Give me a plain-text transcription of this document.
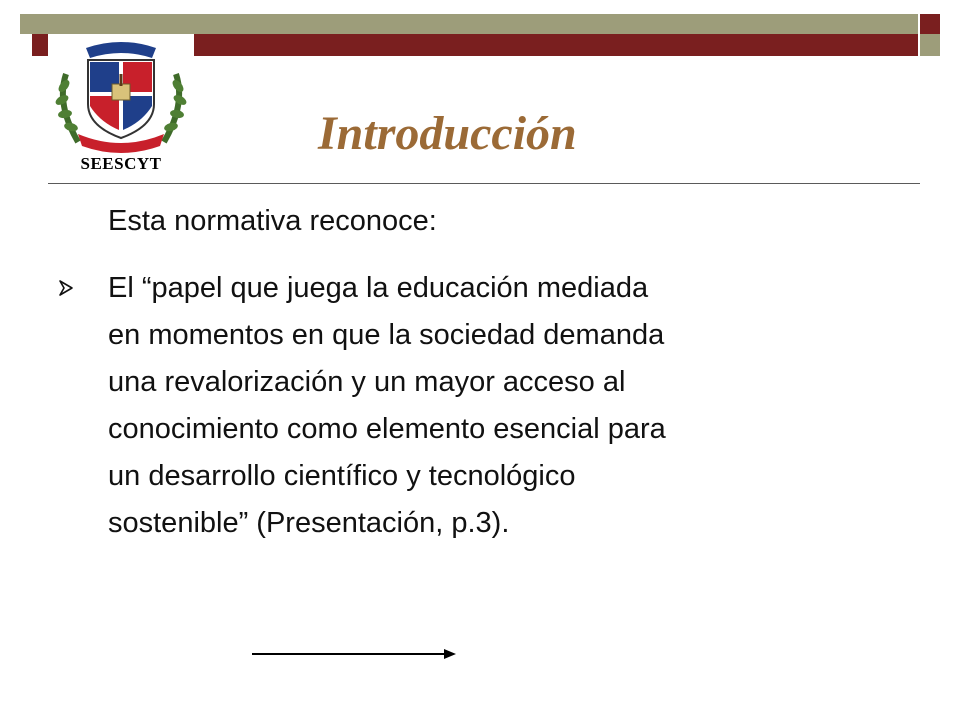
SEESCYT
Introducción
Esta normativa reconoce:
El “papel que juega la educación mediada
en momentos en que la sociedad demanda
una revalorización y un mayor acceso al
conocimiento como elemento esencial para
un desarrollo científico y tecnológico
sostenible” (Presentación, p.3).
